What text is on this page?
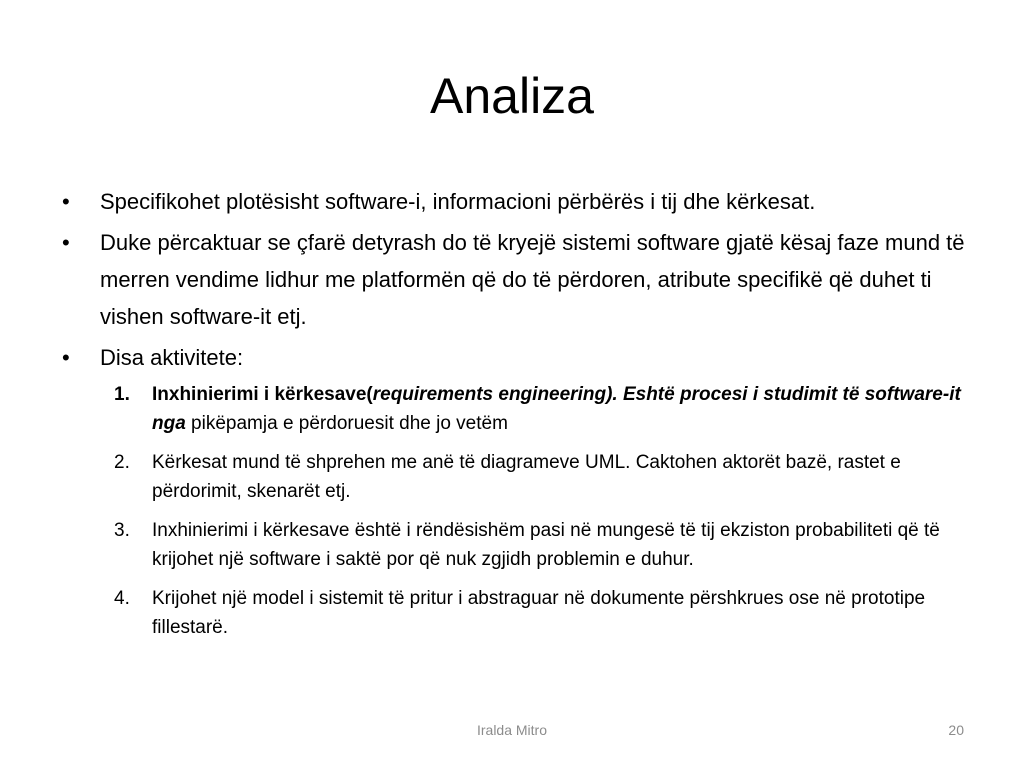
Analiza
• Specifikohet plotësisht software-i, informacioni përbërës i tij dhe kërkesat.
• Duke përcaktuar se çfarë detyrash do të kryejë sistemi software gjatë kësaj faze mund të merren vendime lidhur me platformën që do të përdoren, atribute specifikë që duhet ti vishen software-it etj.
• Disa aktivitete:
1.	Inxhinierimi i kërkesave(requirements engineering). Eshtë procesi i studimit të software-it nga pikëpamja e përdoruesit dhe jo vetëm
2.	Kërkesat mund të shprehen me anë të diagrameve UML. Caktohen aktorët bazë, rastet e përdorimit, skenarët etj.
3.	Inxhinierimi i kërkesave është i rëndësishëm pasi në mungesë të tij ekziston probabiliteti që të krijohet një software i saktë por që nuk zgjidh problemin e duhur.
4.	Krijohet një model i sistemit të pritur i abstraguar në dokumente përshkrues ose në prototipe fillestarë.
Iralda Mitro	20
